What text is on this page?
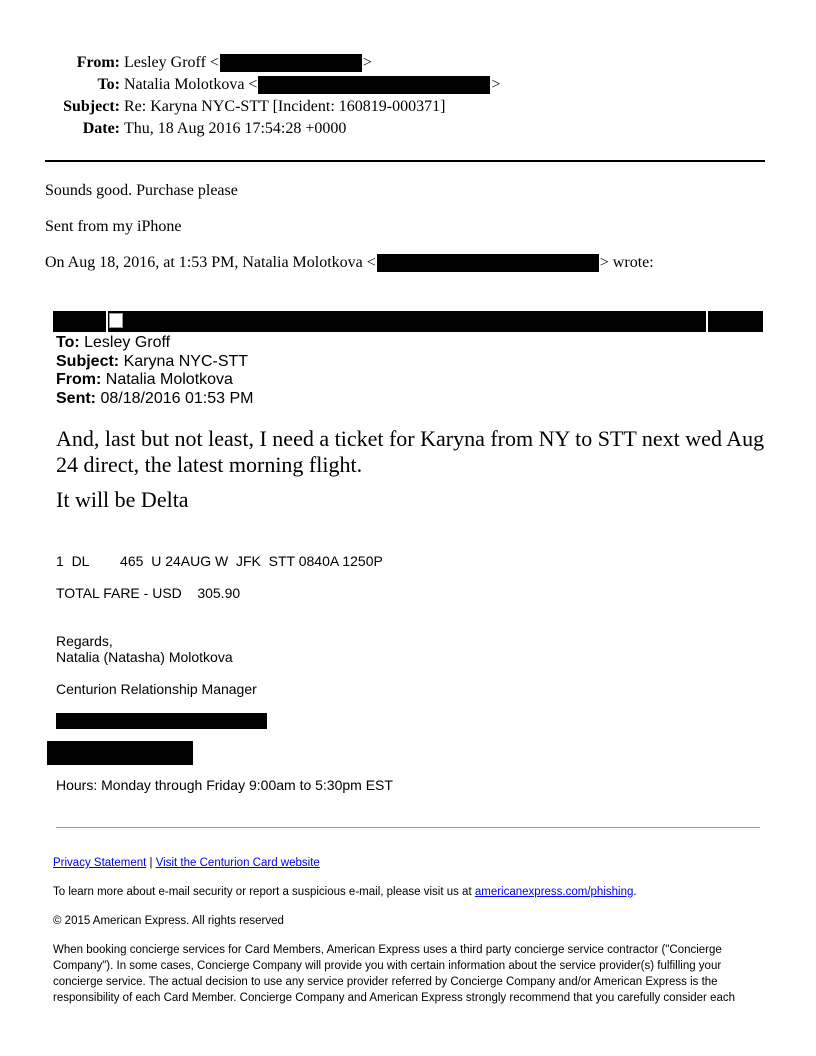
From: Lesley Groff <	>
To: Natalia Molotkova <	>
Subject: Re: Karyna NYC-STT [Incident: 160819-000371]
Date: Thu, 18 Aug 2016 17:54:28 +0000
Sounds good. Purchase please
Sent from my iPhone
On Aug 18, 2016, at 1:53 PM, Natalia Molotkova <	> wrote:
To: Lesley Groff
Subject: Karyna NYC-STT
From: Natalia Molotkova
Sent: 08/18/2016 01:53 PM
And, last but not least, I need a ticket for Karyna from NY to STT next wed Aug 24 direct, the latest morning flight.
It will be Delta
1  DL        465  U 24AUG W  JFK  STT 0840A 1250P
TOTAL FARE - USD    305.90
Regards,
Natalia (Natasha) Molotkova
Centurion Relationship Manager
Hours: Monday through Friday 9:00am to 5:30pm EST
Privacy Statement | Visit the Centurion Card website
To learn more about e-mail security or report a suspicious e-mail, please visit us at americanexpress.com/phishing.
© 2015 American Express. All rights reserved
When booking concierge services for Card Members, American Express uses a third party concierge service contractor ("Concierge Company"). In some cases, Concierge Company will provide you with certain information about the service provider(s) fulfilling your concierge service. The actual decision to use any service provider referred by Concierge Company and/or American Express is the responsibility of each Card Member. Concierge Company and American Express strongly recommend that you carefully consider each
